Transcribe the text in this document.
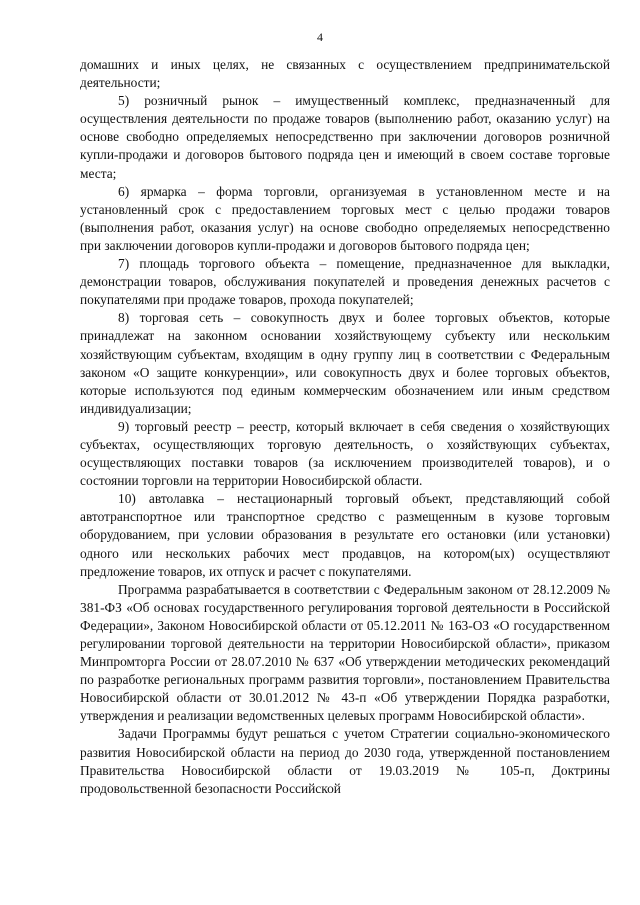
4

домашних и иных целях, не связанных с осуществлением предпринимательской деятельности;

5) розничный рынок – имущественный комплекс, предназначенный для осуществления деятельности по продаже товаров (выполнению работ, оказанию услуг) на основе свободно определяемых непосредственно при заключении договоров розничной купли-продажи и договоров бытового подряда цен и имеющий в своем составе торговые места;

6) ярмарка – форма торговли, организуемая в установленном месте и на установленный срок с предоставлением торговых мест с целью продажи товаров (выполнения работ, оказания услуг) на основе свободно определяемых непосредственно при заключении договоров купли-продажи и договоров бытового подряда цен;

7) площадь торгового объекта – помещение, предназначенное для выкладки, демонстрации товаров, обслуживания покупателей и проведения денежных расчетов с покупателями при продаже товаров, прохода покупателей;

8) торговая сеть – совокупность двух и более торговых объектов, которые принадлежат на законном основании хозяйствующему субъекту или нескольким хозяйствующим субъектам, входящим в одну группу лиц в соответствии с Федеральным законом «О защите конкуренции», или совокупность двух и более торговых объектов, которые используются под единым коммерческим обозначением или иным средством индивидуализации;

9) торговый реестр – реестр, который включает в себя сведения о хозяйствующих субъектах, осуществляющих торговую деятельность, о хозяйствующих субъектах, осуществляющих поставки товаров (за исключением производителей товаров), и о состоянии торговли на территории Новосибирской области.

10) автолавка – нестационарный торговый объект, представляющий собой автотранспортное или транспортное средство с размещенным в кузове торговым оборудованием, при условии образования в результате его остановки (или установки) одного или нескольких рабочих мест продавцов, на котором(ых) осуществляют предложение товаров, их отпуск и расчет с покупателями.

Программа разрабатывается в соответствии с Федеральным законом от 28.12.2009 № 381-ФЗ «Об основах государственного регулирования торговой деятельности в Российской Федерации», Законом Новосибирской области от 05.12.2011 № 163-ОЗ «О государственном регулировании торговой деятельности на территории Новосибирской области», приказом Минпромторга России от 28.07.2010 № 637 «Об утверждении методических рекомендаций по разработке региональных программ развития торговли», постановлением Правительства Новосибирской области от 30.01.2012 № 43-п «Об утверждении Порядка разработки, утверждения и реализации ведомственных целевых программ Новосибирской области».

Задачи Программы будут решаться с учетом Стратегии социально-экономического развития Новосибирской области на период до 2030 года, утвержденной постановлением Правительства Новосибирской области от 19.03.2019 № 105-п, Доктрины продовольственной безопасности Российской
